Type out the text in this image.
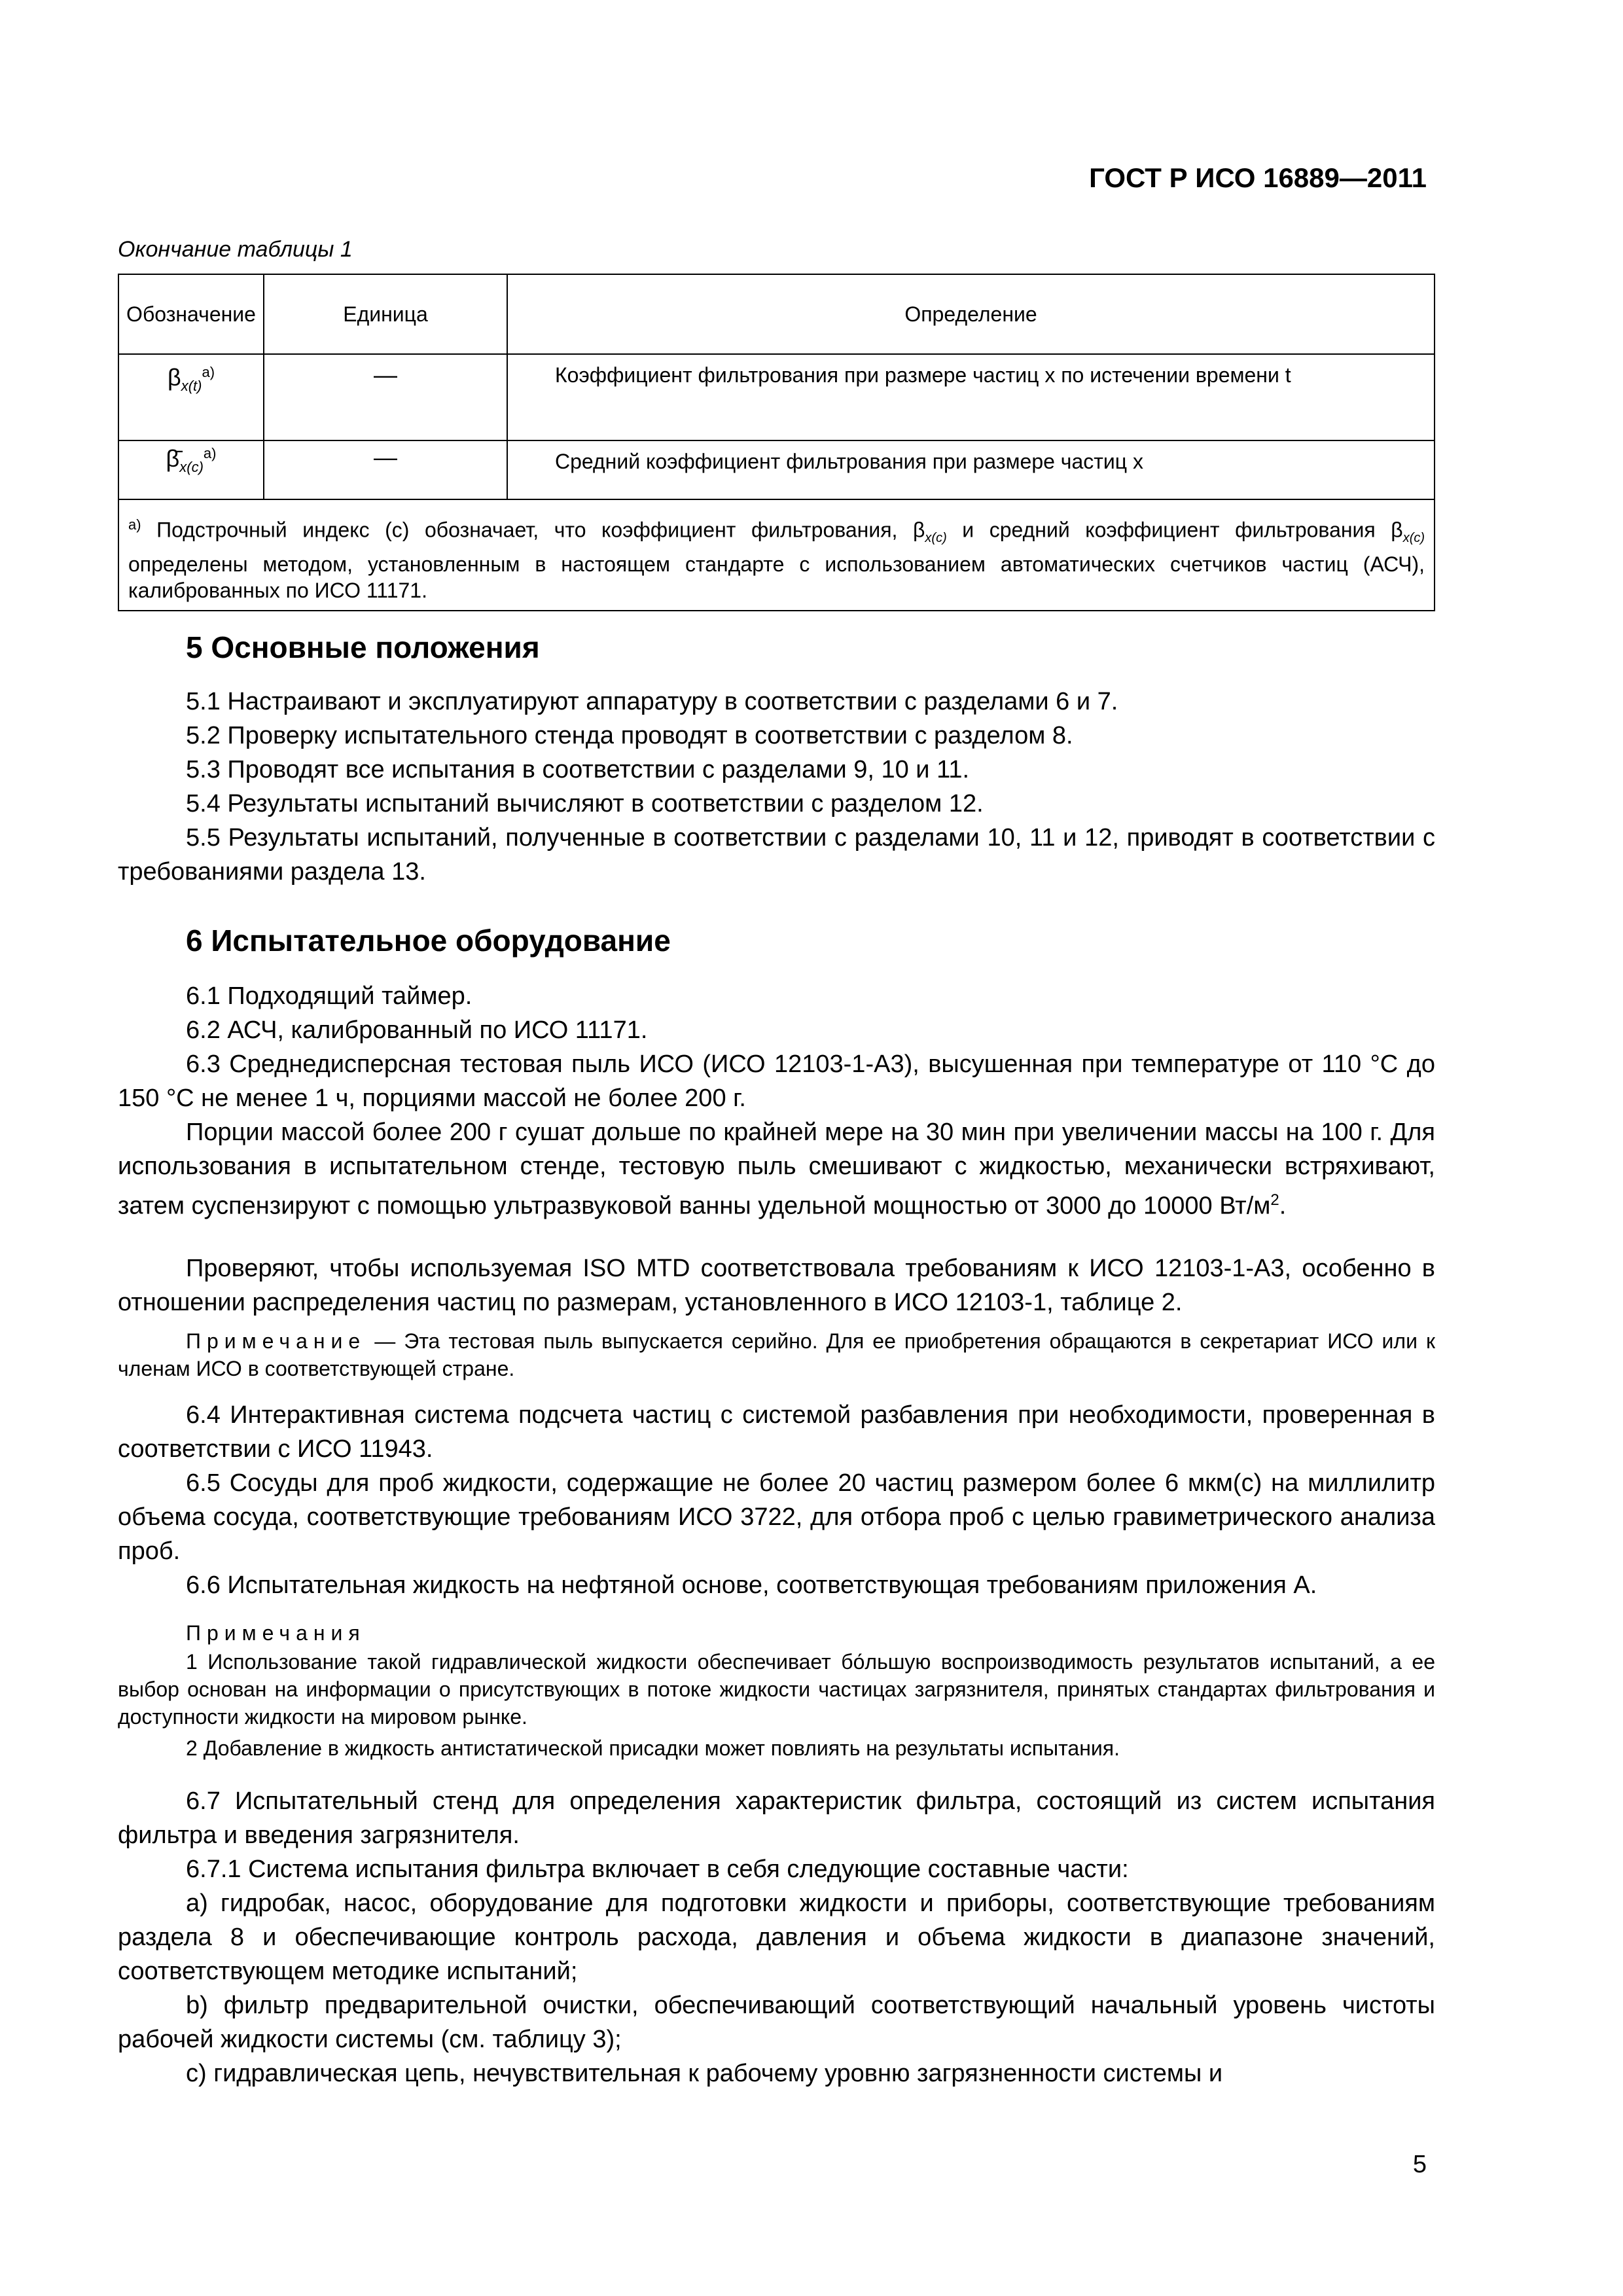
ГОСТ Р ИСО 16889—2011
Окончание таблицы 1
Обозначение	Единица	Определение
$\beta_{x(t)}^{a)}$	—	Коэффициент фильтрования при размере частиц x по истечении времени t
$\betā_{x(c)}^{a)}$	—	Средний коэффициент фильтрования при размере частиц x
$^{a)}$ Подстрочный индекс (с) обозначает, что коэффициент фильтрования, $\beta_{x(c)}$ и средний коэффициент фильтрования $\beta_{x(c)}$ определены методом, установленным в настоящем стандарте с использованием автоматических счетчиков частиц (АСЧ), калиброванных по ИСО 11171.		
5 Основные положения

5.1 Настраивают и эксплуатируют аппаратуру в соответствии с разделами 6 и 7.

5.2 Проверку испытательного стенда проводят в соответствии с разделом 8.

5.3 Проводят все испытания в соответствии с разделами 9, 10 и 11.

5.4 Результаты испытаний вычисляют в соответствии с разделом 12.

5.5 Результаты испытаний, полученные в соответствии с разделами 10, 11 и 12, приводят в соответствии с требованиями раздела 13.

6 Испытательное оборудование

6.1 Подходящий таймер.

6.2 АСЧ, калиброванный по ИСО 11171.

6.3 Среднедисперсная тестовая пыль ИСО (ИСО 12103-1-А3), высушенная при температуре от 110 °С до 150 °С не менее 1 ч, порциями массой не более 200 г.

Порции массой более 200 г сушат дольше по крайней мере на 30 мин при увеличении массы на 100 г. Для использования в испытательном стенде, тестовую пыль смешивают с жидкостью, механически встряхивают, затем суспензируют с помощью ультразвуковой ванны удельной мощностью от 3000 до 10000 $Вт/м^2$.

Проверяют, чтобы используемая ISO MTD соответствовала требованиям к ИСО 12103-1-А3, особенно в отношении распределения частиц по размерам, установленного в ИСО 12103-1, таблице 2.

Примечание — Эта тестовая пыль выпускается серийно. Для ее приобретения обращаются в секретариат ИСО или к членам ИСО в соответствующей стране.

6.4 Интерактивная система подсчета частиц с системой разбавления при необходимости, проверенная в соответствии с ИСО 11943.

6.5 Сосуды для проб жидкости, содержащие не более 20 частиц размером более 6 мкм(с) на миллилитр объема сосуда, соответствующие требованиям ИСО 3722, для отбора проб с целью гравиметрического анализа проб.

6.6 Испытательная жидкость на нефтяной основе, соответствующая требованиям приложения А.

Примечания

1 Использование такой гидравлической жидкости обеспечивает бо́льшую воспроизводимость результатов испытаний, а ее выбор основан на информации о присутствующих в потоке жидкости частицах загрязнителя, принятых стандартах фильтрования и доступности жидкости на мировом рынке.

2 Добавление в жидкость антистатической присадки может повлиять на результаты испытания.

6.7 Испытательный стенд для определения характеристик фильтра, состоящий из систем испытания фильтра и введения загрязнителя.

6.7.1 Система испытания фильтра включает в себя следующие составные части:

a) гидробак, насос, оборудование для подготовки жидкости и приборы, соответствующие требованиям раздела 8 и обеспечивающие контроль расхода, давления и объема жидкости в диапазоне значений, соответствующем методике испытаний;

b) фильтр предварительной очистки, обеспечивающий соответствующий начальный уровень чистоты рабочей жидкости системы (см. таблицу 3);

c) гидравлическая цепь, нечувствительная к рабочему уровню загрязненности системы и

5
